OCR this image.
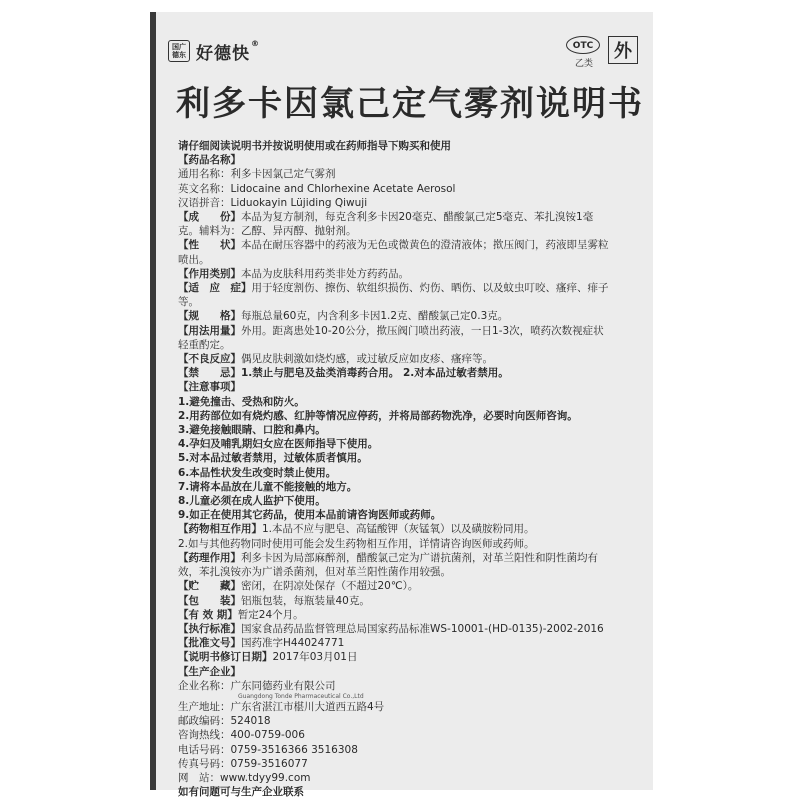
国广
德东 好德快®	OTC
乙类
外
利多卡因氯己定气雾剂说明书
请仔细阅读说明书并按说明使用或在药师指导下购买和使用
【药品名称】
通用名称：利多卡因氯己定气雾剂
英文名称：Lidocaine and Chlorhexine Acetate Aerosol
汉语拼音：Liduokayin Lüjiding Qiwuji
【成　　份】本品为复方制剂，每克含利多卡因20毫克、醋酸氯己定5毫克、苯扎溴铵1毫
克。辅料为：乙醇、异丙醇、抛射剂。
【性　　状】本品在耐压容器中的药液为无色或微黄色的澄清液体；揿压阀门，药液即呈雾粒
喷出。
【作用类别】本品为皮肤科用药类非处方药药品。
【适　应　症】用于轻度割伤、擦伤、软组织损伤、灼伤、晒伤、以及蚊虫叮咬、瘙痒、痱子
等。
【规　　格】每瓶总量60克，内含利多卡因1.2克、醋酸氯己定0.3克。
【用法用量】外用。距离患处10-20公分，揿压阀门喷出药液，一日1-3次，喷药次数视症状
轻重酌定。
【不良反应】偶见皮肤刺激如烧灼感，或过敏反应如皮疹、瘙痒等。
【禁　　忌】1.禁止与肥皂及盐类消毒药合用。 2.对本品过敏者禁用。
【注意事项】
1.避免撞击、受热和防火。
2.用药部位如有烧灼感、红肿等情况应停药，并将局部药物洗净，必要时向医师咨询。
3.避免接触眼睛、口腔和鼻内。
4.孕妇及哺乳期妇女应在医师指导下使用。
5.对本品过敏者禁用，过敏体质者慎用。
6.本品性状发生改变时禁止使用。
7.请将本品放在儿童不能接触的地方。
8.儿童必须在成人监护下使用。
9.如正在使用其它药品，使用本品前请咨询医师或药师。
【药物相互作用】1.本品不应与肥皂、高锰酸钾（灰锰氧）以及磺胺粉同用。
2.如与其他药物同时使用可能会发生药物相互作用，详情请咨询医师或药师。
【药理作用】利多卡因为局部麻醉剂，醋酸氯己定为广谱抗菌剂，对革兰阳性和阴性菌均有
效，苯扎溴铵亦为广谱杀菌剂，但对革兰阳性菌作用较强。
【贮　　藏】密闭，在阴凉处保存（不超过20℃）。
【包　　装】铝瓶包装，每瓶装量40克。
【有 效 期】暂定24个月。
【执行标准】国家食品药品监督管理总局国家药品标准WS-10001-(HD-0135)-2002-2016
【批准文号】国药准字H44024771
【说明书修订日期】2017年03月01日
【生产企业】
企业名称：广东同德药业有限公司
Guangdong Tonde Pharmaceutical Co.,Ltd
生产地址：广东省湛江市椹川大道西五路4号
邮政编码：524018
咨询热线：400-0759-006
电话号码：0759-3516366 3516308
传真号码：0759-3516077
网　站：www.tdyy99.com
如有问题可与生产企业联系
